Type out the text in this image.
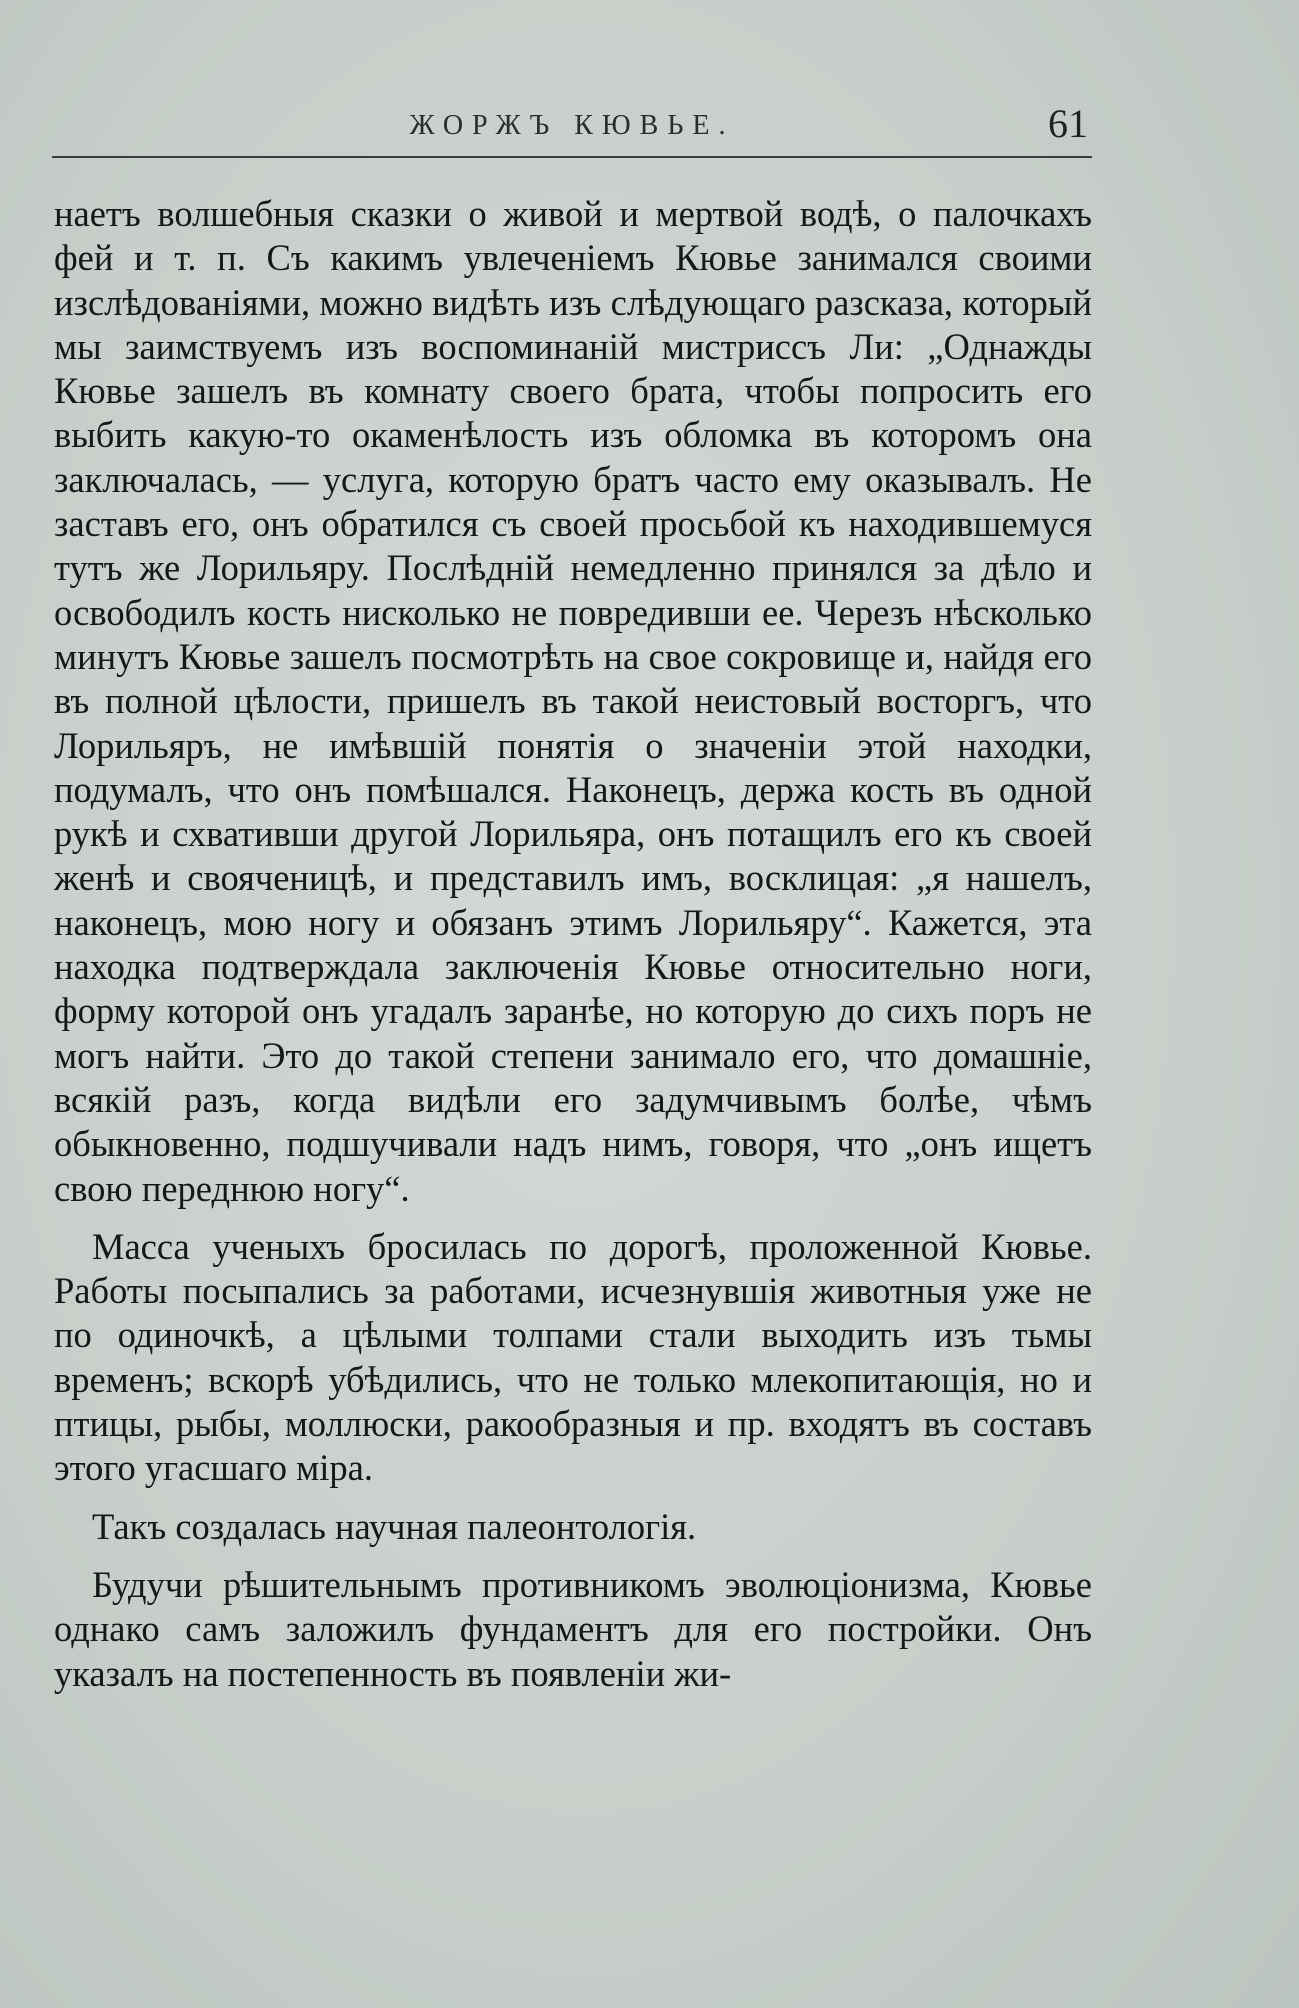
ЖОРЖЪ КЮВЬЕ.	61

наетъ волшебныя сказки о живой и мертвой водѣ, о палочкахъ фей и т. п. Съ какимъ увлеченіемъ Кювье занимался своими изслѣдованіями, можно видѣть изъ слѣдующаго разсказа, который мы заимствуемъ изъ воспоминаній мистриссъ Ли: „Однажды Кювье зашелъ въ комнату своего брата, чтобы попросить его выбить какую-то окаменѣлость изъ обломка въ которомъ она заключалась, — услуга, которую братъ часто ему оказывалъ. Не заставъ его, онъ обратился съ своей просьбой къ находившемуся тутъ же Лорильяру. Послѣдній немедленно принялся за дѣло и освободилъ кость нисколько не повредивши ее. Черезъ нѣсколько минутъ Кювье зашелъ посмотрѣть на свое сокровище и, найдя его въ полной цѣлости, пришелъ въ такой неистовый восторгъ, что Лорильяръ, не имѣвшій понятія о значеніи этой находки, подумалъ, что онъ помѣшался. Наконецъ, держа кость въ одной рукѣ и схвативши другой Лорильяра, онъ потащилъ его къ своей женѣ и свояченицѣ, и представилъ имъ, восклицая: „я нашелъ, наконецъ, мою ногу и обязанъ этимъ Лорильяру“. Кажется, эта находка подтверждала заключенія Кювье относительно ноги, форму которой онъ угадалъ заранѣе, но которую до сихъ поръ не могъ найти. Это до такой степени занимало его, что домашніе, всякій разъ, когда видѣли его задумчивымъ болѣе, чѣмъ обыкновенно, подшучивали надъ нимъ, говоря, что „онъ ищетъ свою переднюю ногу“.

Масса ученыхъ бросилась по дорогѣ, проложенной Кювье. Работы посыпались за работами, исчезнувшія животныя уже не по одиночкѣ, а цѣлыми толпами стали выходить изъ тьмы временъ; вскорѣ убѣдились, что не только млекопитающія, но и птицы, рыбы, моллюски, ракообразныя и пр. входятъ въ составъ этого угасшаго міра.

Такъ создалась научная палеонтологія.

Будучи рѣшительнымъ противникомъ эволюціонизма, Кювье однако самъ заложилъ фундаментъ для его постройки. Онъ указалъ на постепенность въ появленіи жи-
